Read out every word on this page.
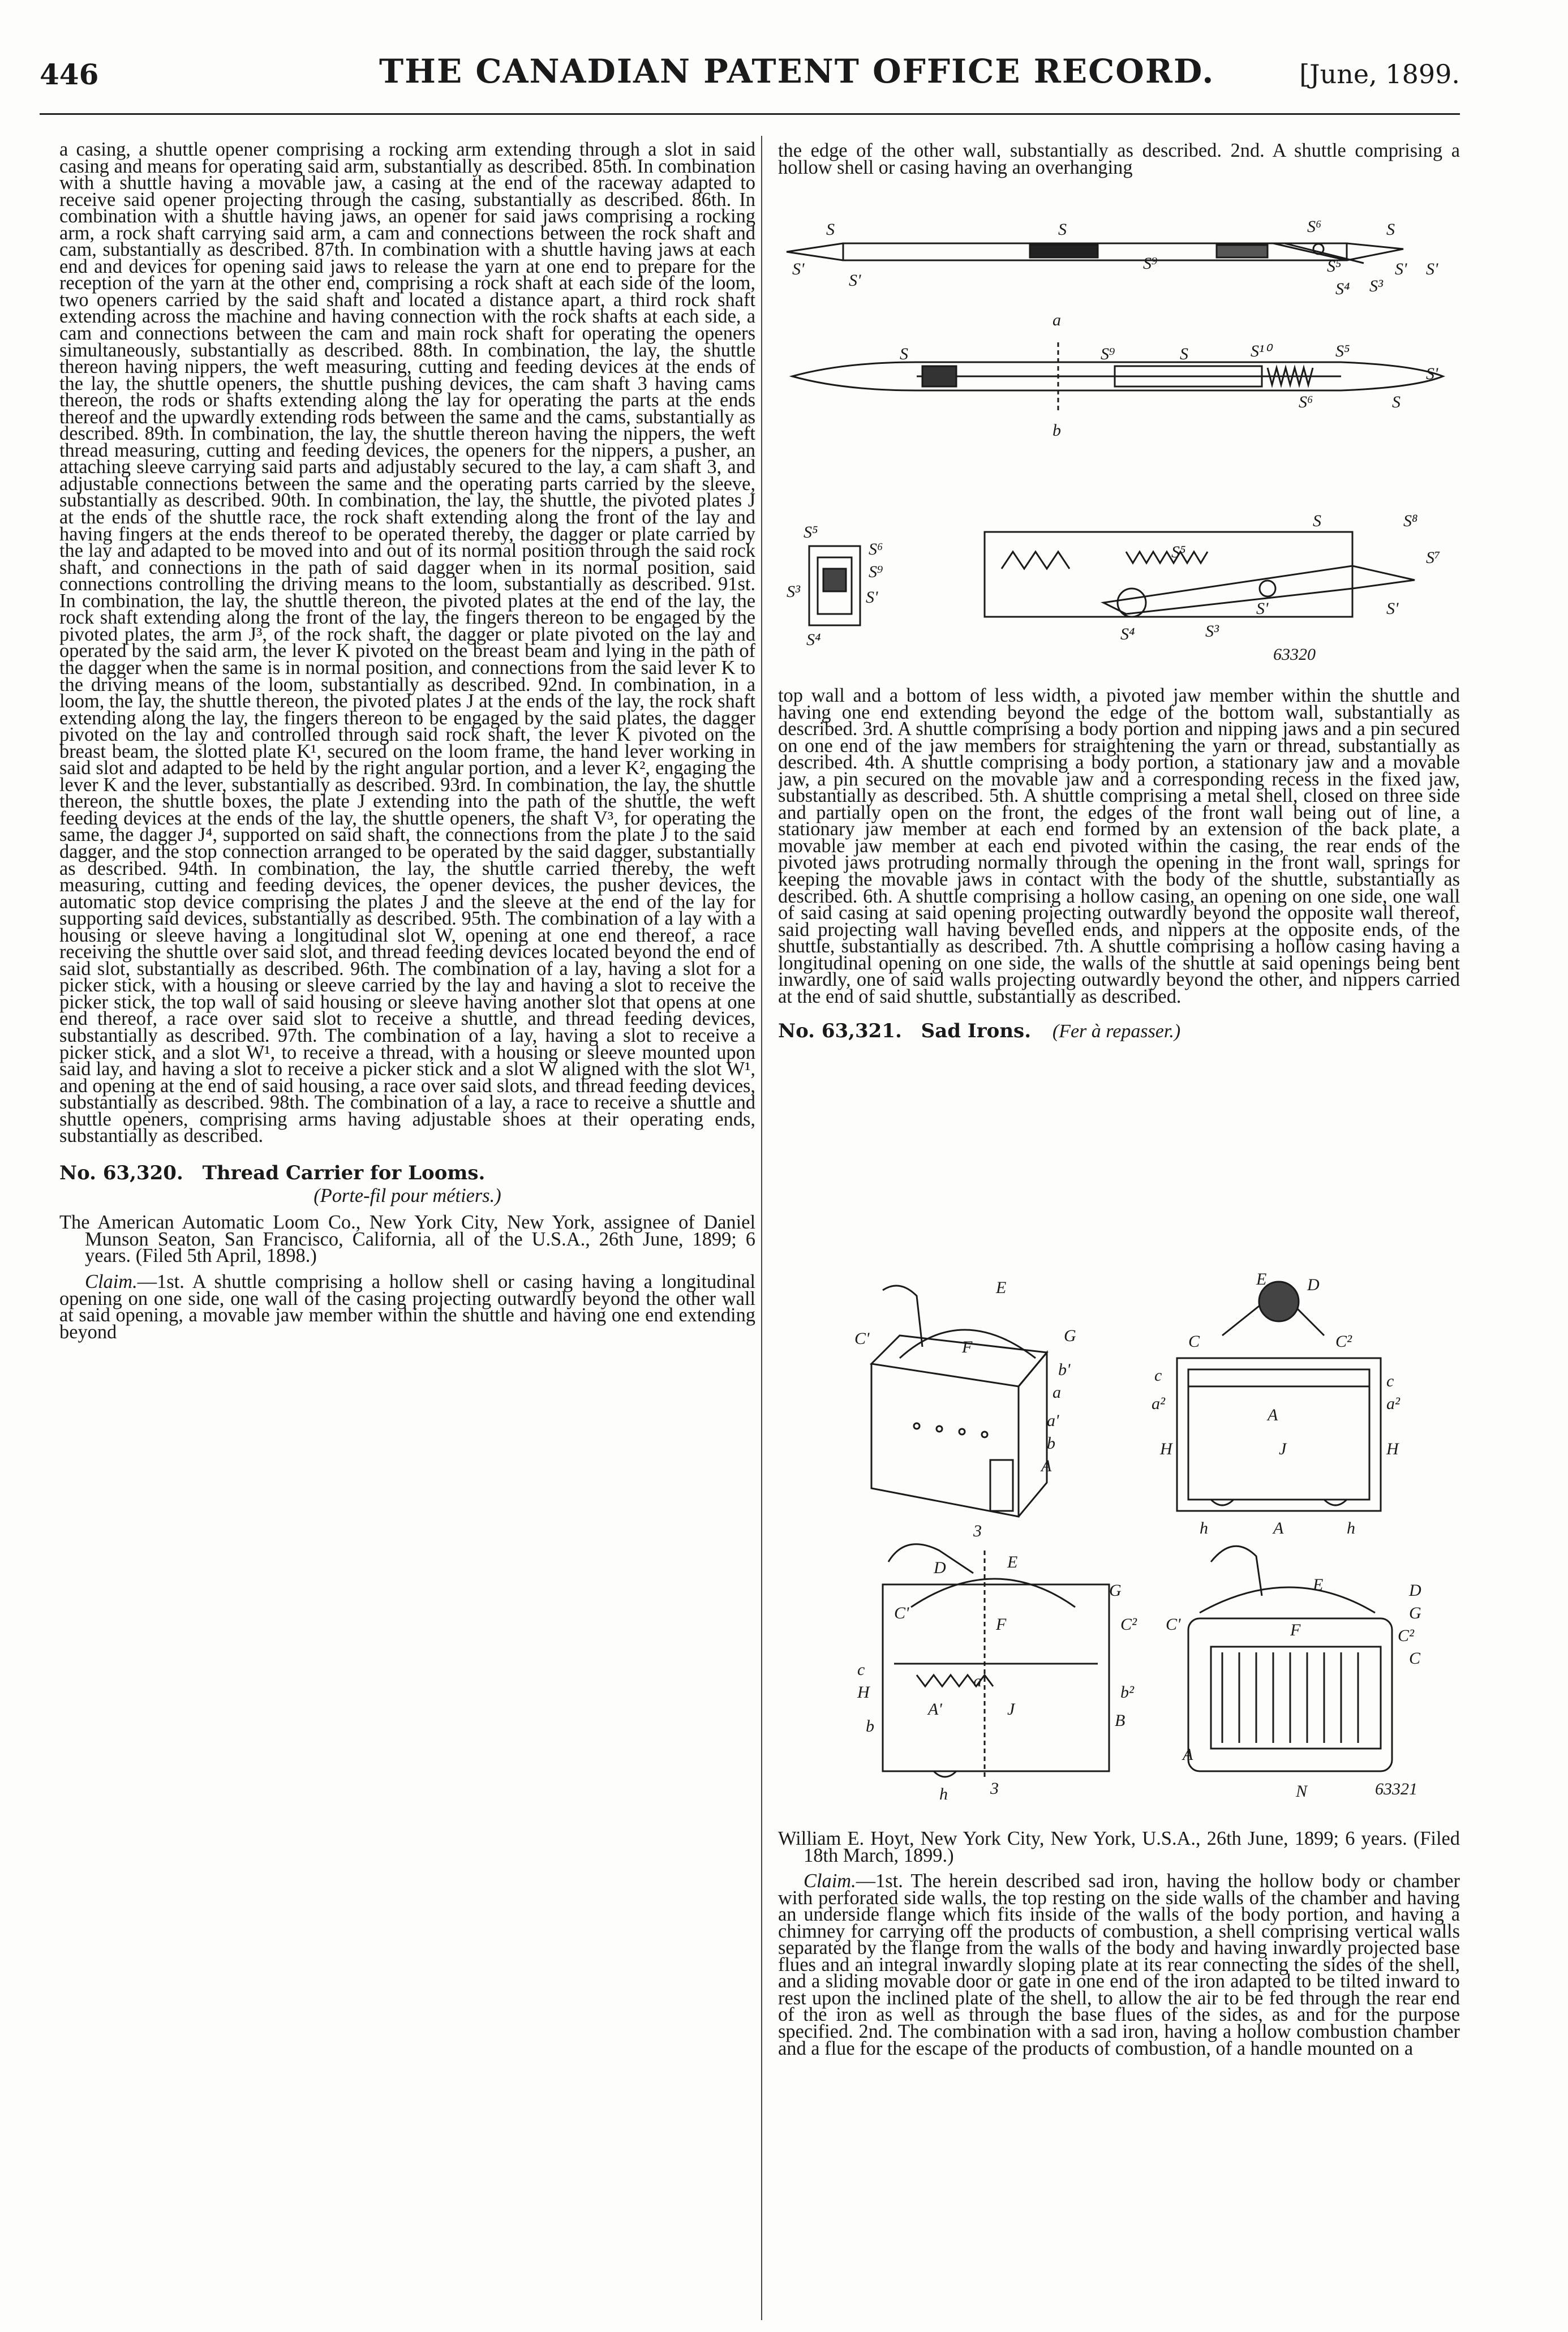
446	THE CANADIAN PATENT OFFICE RECORD.	[June, 1899.

a casing, a shuttle opener comprising a rocking arm extending through a slot in said casing and means for operating said arm, substantially as described. 85th. In combination with a shuttle having a movable jaw, a casing at the end of the raceway adapted to receive said opener projecting through the casing, substantially as described. 86th. In combination with a shuttle having jaws, an opener for said jaws comprising a rocking arm, a rock shaft carrying said arm, a cam and connections between the rock shaft and cam, substantially as described. 87th. In combination with a shuttle having jaws at each end and devices for opening said jaws to release the yarn at one end to prepare for the reception of the yarn at the other end, comprising a rock shaft at each side of the loom, two openers carried by the said shaft and located a distance apart, a third rock shaft extending across the machine and having connection with the rock shafts at each side, a cam and connections between the cam and main rock shaft for operating the openers simultaneously, substantially as described. 88th. In combination, the lay, the shuttle thereon having nippers, the weft measuring, cutting and feeding devices at the ends of the lay, the shuttle openers, the shuttle pushing devices, the cam shaft 3 having cams thereon, the rods or shafts extending along the lay for operating the parts at the ends thereof and the upwardly extending rods between the same and the cams, substantially as described. 89th. In combination, the lay, the shuttle thereon having the nippers, the weft thread measuring, cutting and feeding devices, the openers for the nippers, a pusher, an attaching sleeve carrying said parts and adjustably secured to the lay, a cam shaft 3, and adjustable connections between the same and the operating parts carried by the sleeve, substantially as described. 90th. In combination, the lay, the shuttle, the pivoted plates J at the ends of the shuttle race, the rock shaft extending along the front of the lay and having fingers at the ends thereof to be operated thereby, the dagger or plate carried by the lay and adapted to be moved into and out of its normal position through the said rock shaft, and connections in the path of said dagger when in its normal position, said connections controlling the driving means to the loom, substantially as described. 91st. In combination, the lay, the shuttle thereon, the pivoted plates at the end of the lay, the rock shaft extending along the front of the lay, the fingers thereon to be engaged by the pivoted plates, the arm J³, of the rock shaft, the dagger or plate pivoted on the lay and operated by the said arm, the lever K pivoted on the breast beam and lying in the path of the dagger when the same is in normal position, and connections from the said lever K to the driving means of the loom, substantially as described. 92nd. In combination, in a loom, the lay, the shuttle thereon, the pivoted plates J at the ends of the lay, the rock shaft extending along the lay, the fingers thereon to be engaged by the said plates, the dagger pivoted on the lay and controlled through said rock shaft, the lever K pivoted on the breast beam, the slotted plate K¹, secured on the loom frame, the hand lever working in said slot and adapted to be held by the right angular portion, and a lever K², engaging the lever K and the lever, substantially as described. 93rd. In combination, the lay, the shuttle thereon, the shuttle boxes, the plate J extending into the path of the shuttle, the weft feeding devices at the ends of the lay, the shuttle openers, the shaft V³, for operating the same, the dagger J⁴, supported on said shaft, the connections from the plate J to the said dagger, and the stop connection arranged to be operated by the said dagger, substantially as described. 94th. In combination, the lay, the shuttle carried thereby, the weft measuring, cutting and feeding devices, the opener devices, the pusher devices, the automatic stop device comprising the plates J and the sleeve at the end of the lay for supporting said devices, substantially as described. 95th. The combination of a lay with a housing or sleeve having a longitudinal slot W, opening at one end thereof, a race receiving the shuttle over said slot, and thread feeding devices located beyond the end of said slot, substantially as described. 96th. The combination of a lay, having a slot for a picker stick, with a housing or sleeve carried by the lay and having a slot to receive the picker stick, the top wall of said housing or sleeve having another slot that opens at one end thereof, a race over said slot to receive a shuttle, and thread feeding devices, substantially as described. 97th. The combination of a lay, having a slot to receive a picker stick, and a slot W¹, to receive a thread, with a housing or sleeve mounted upon said lay, and having a slot to receive a picker stick and a slot W aligned with the slot W¹, and opening at the end of said housing, a race over said slots, and thread feeding devices, substantially as described. 98th. The combination of a lay, a race to receive a shuttle and shuttle openers, comprising arms having adjustable shoes at their operating ends, substantially as described.

No. 63,320. Thread Carrier for Looms.

(Porte-fil pour métiers.)

The American Automatic Loom Co., New York City, New York, assignee of Daniel Munson Seaton, San Francisco, California, all of the U.S.A., 26th June, 1899; 6 years. (Filed 5th April, 1898.)

Claim.—1st. A shuttle comprising a hollow shell or casing having a longitudinal opening on one side, one wall of the casing projecting outwardly beyond the other wall at said opening, a movable jaw member within the shuttle and having one end extending beyond

the edge of the other wall, substantially as described. 2nd. A shuttle comprising a hollow shell or casing having an overhanging

S	S	S⁶	S
S'
S'
S⁹	S⁵	S' S'
S⁴ S³
a
S	S⁹	S	S¹⁰	S⁵
S'
S⁶	S
b
S⁵
S⁶
S⁹
S'
S³
S⁴
S	S⁸
S⁷
S⁵
S'	S'
S⁴	S³
63320

top wall and a bottom of less width, a pivoted jaw member within the shuttle and having one end extending beyond the edge of the bottom wall, substantially as described. 3rd. A shuttle comprising a body portion and nipping jaws and a pin secured on one end of the jaw members for straightening the yarn or thread, substantially as described. 4th. A shuttle comprising a body portion, a stationary jaw and a movable jaw, a pin secured on the movable jaw and a corresponding recess in the fixed jaw, substantially as described. 5th. A shuttle comprising a metal shell, closed on three side and partially open on the front, the edges of the front wall being out of line, a stationary jaw member at each end formed by an extension of the back plate, a movable jaw member at each end pivoted within the casing, the rear ends of the pivoted jaws protruding normally through the opening in the front wall, springs for keeping the movable jaws in contact with the body of the shuttle, substantially as described. 6th. A shuttle comprising a hollow casing, an opening on one side, one wall of said casing at said opening projecting outwardly beyond the opposite wall thereof, said projecting wall having bevelled ends, and nippers at the opposite ends, of the shuttle, substantially as described. 7th. A shuttle comprising a hollow casing having a longitudinal opening on one side, the walls of the shuttle at said openings being bent inwardly, one of said walls projecting outwardly beyond the other, and nippers carried at the end of said shuttle, substantially as described.

No. 63,321. Sad Irons. (Fer à repasser.)

E
C'	F
G
b'
a
a'
b
A
E D
C	C²
c
a²
c
a²
A
H	J	H
h	A	h
3
D	E
G
C'
F	C²
c
H
A'
a'
J
b²
B
b
h	3
E	D
G
C'	F	C²
C
A
N	63321

William E. Hoyt, New York City, New York, U.S.A., 26th June, 1899; 6 years. (Filed 18th March, 1899.)

Claim.—1st. The herein described sad iron, having the hollow body or chamber with perforated side walls, the top resting on the side walls of the chamber and having an underside flange which fits inside of the walls of the body portion, and having a chimney for carrying off the products of combustion, a shell comprising vertical walls separated by the flange from the walls of the body and having inwardly projected base flues and an integral inwardly sloping plate at its rear connecting the sides of the shell, and a sliding movable door or gate in one end of the iron adapted to be tilted inward to rest upon the inclined plate of the shell, to allow the air to be fed through the rear end of the iron as well as through the base flues of the sides, as and for the purpose specified. 2nd. The combination with a sad iron, having a hollow combustion chamber and a flue for the escape of the products of combustion, of a handle mounted on a
